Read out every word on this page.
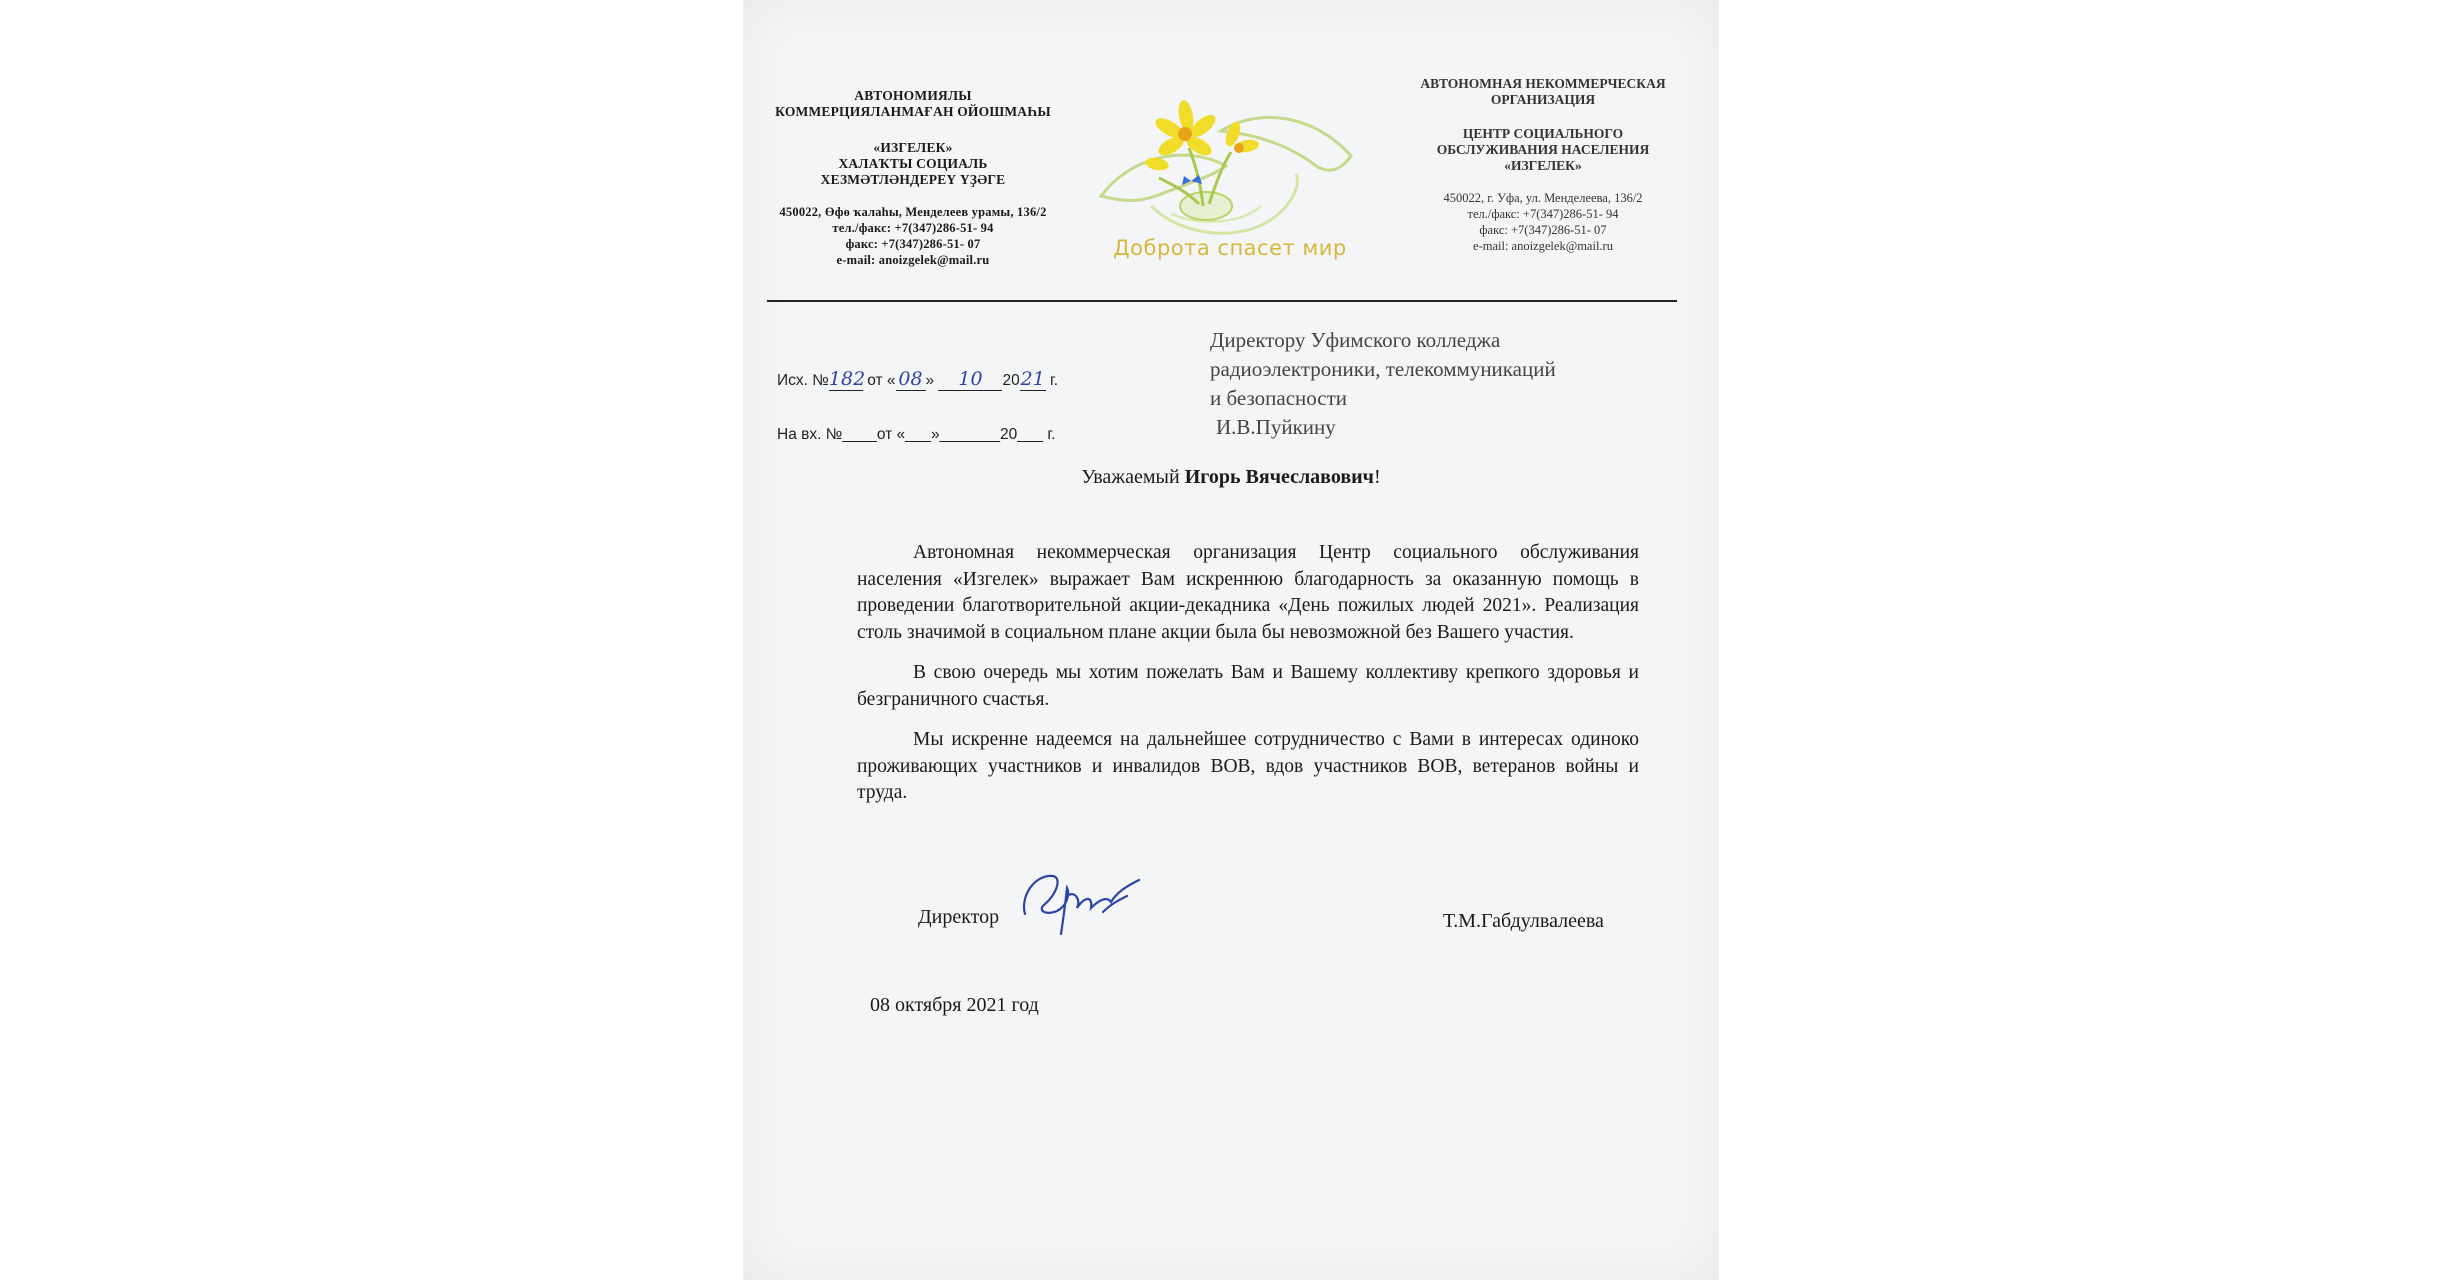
АВТОНОМИЯЛЫ
КОММЕРЦИЯЛАНМАҒАН ОЙОШМАҺЫ
«ИЗГЕЛЕК»
ХАЛАҠТЫ СОЦИАЛЬ
ХЕЗМӘТЛӘНДЕРЕҮ ҮҘӘГЕ
450022, Өфө ҡалаһы, Менделеев урамы, 136/2
тел./факс: +7(347)286-51- 94
факс: +7(347)286-51- 07
e-mail: anoizgelek@mail.ru	Доброта спасет мир
АВТОНОМНАЯ НЕКОММЕРЧЕСКАЯ
ОРГАНИЗАЦИЯ
ЦЕНТР СОЦИАЛЬНОГО
ОБСЛУЖИВАНИЯ НАСЕЛЕНИЯ
«ИЗГЕЛЕК»
450022, г. Уфа, ул. Менделеева, 136/2
тел./факс: +7(347)286-51- 94
факс: +7(347)286-51- 07
e-mail: anoizgelek@mail.ru
Исх. №182 от « 08 » 10 2021 г.
На вх. №____от «___»_______20___ г.
Директору Уфимского колледжа
радиоэлектроники, телекоммуникаций
и безопасности
И.В.Пуйкину
Уважаемый Игорь Вячеславович!

Автономная некоммерческая организация Центр социального обслуживания населения «Изгелек» выражает Вам искреннюю благодарность за оказанную помощь в проведении благотворительной акции-декадника «День пожилых людей 2021». Реализация столь значимой в социальном плане акции была бы невозможной без Вашего участия.

В свою очередь мы хотим пожелать Вам и Вашему коллективу крепкого здоровья и безграничного счастья.

Мы искренне надеемся на дальнейшее сотрудничество с Вами в интересах одиноко проживающих участников и инвалидов ВОВ, вдов участников ВОВ, ветеранов войны и труда.

Директор	Т.М.Габдулвалеева
08 октября 2021 год
